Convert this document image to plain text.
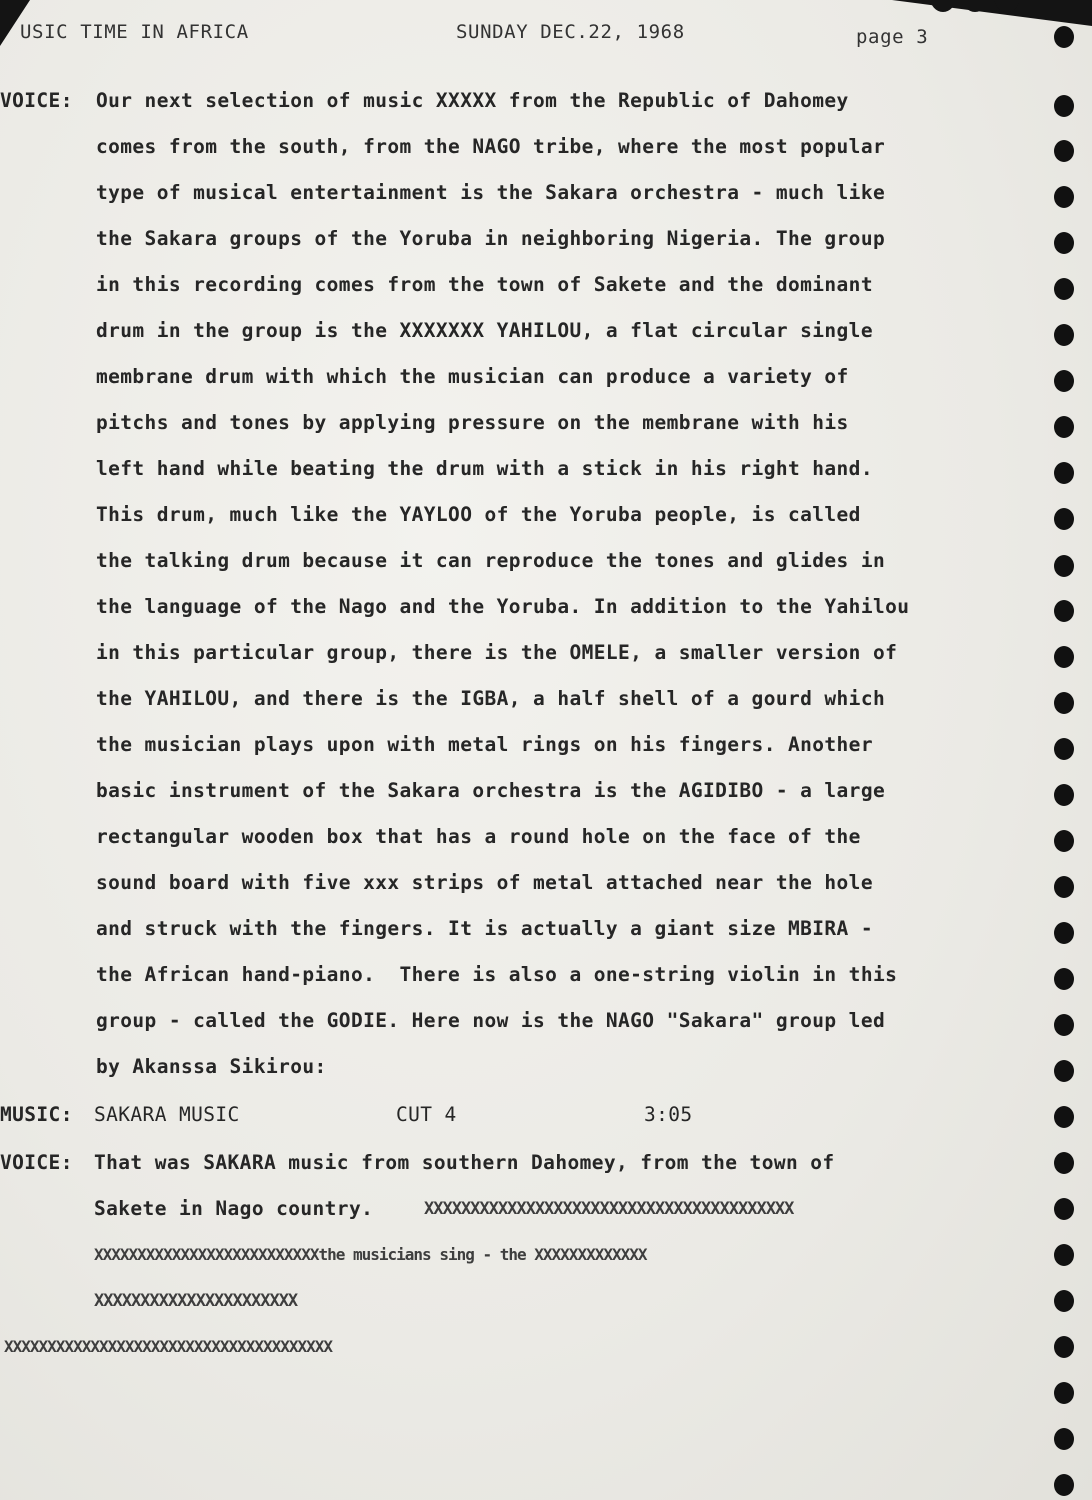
USIC TIME IN AFRICA	SUNDAY DEC.22, 1968	page 3
VOICE: Our next selection of music XXXXX from the Republic of Dahomey
comes from the south, from the NAGO tribe, where the most popular
type of musical entertainment is the Sakara orchestra - much like
the Sakara groups of the Yoruba in neighboring Nigeria. The group
in this recording comes from the town of Sakete and the dominant
drum in the group is the XXXXXXX YAHILOU, a flat circular single
membrane drum with which the musician can produce a variety of
pitchs and tones by applying pressure on the membrane with his
left hand while beating the drum with a stick in his right hand.
This drum, much like the YAYLOO of the Yoruba people, is called
the talking drum because it can reproduce the tones and glides in
the language of the Nago and the Yoruba. In addition to the Yahilou
in this particular group, there is the OMELE, a smaller version of
the YAHILOU, and there is the IGBA, a half shell of a gourd which
the musician plays upon with metal rings on his fingers. Another
basic instrument of the Sakara orchestra is the AGIDIBO - a large
rectangular wooden box that has a round hole on the face of the
sound board with five xxx strips of metal attached near the hole
and struck with the fingers. It is actually a giant size MBIRA -
the African hand-piano.  There is also a one-string violin in this
group - called the GODIE. Here now is the NAGO "Sakara" group led
by Akanssa Sikirou:
MUSIC: SAKARA MUSIC	CUT 4	3:05
VOICE: That was SAKARA music from southern Dahomey, from the town of
Sakete in Nago country.	XXXXXXXXXXXXXXXXXXXXXXXXXXXXXXXXXXXXXXXX
XXXXXXXXXXXXXXXXXXXXXXXXXXthe musicians sing - the XXXXXXXXXXXXX
XXXXXXXXXXXXXXXXXXXXXX
XXXXXXXXXXXXXXXXXXXXXXXXXXXXXXXXXXXXXX
